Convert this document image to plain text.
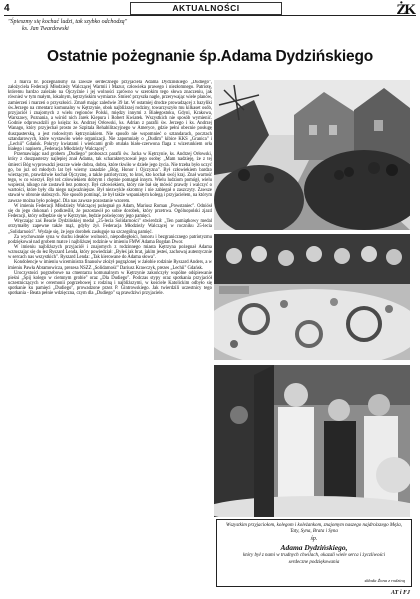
4	AKTUALNOŚCI	ŻK
"Śpieszmy się kochać ludzi, tak szybko odchodzą"
ks. Jan Twardowski
Ostatnie pożegnanie śp.Adama Dydzińskiego

3 marca br. pożegnaliśmy na zawsze serdecznego przyjaciela Adama Dydzińskiego „Dudiego", założyciela Federacji Młodzieży Walczącej Warmii i Mazur, człowieka prawego i niezłomnego. Patriotę, któremu bardzo zależało na Ojczyźnie i jej wolności zarówno w szerokim tego słowa znaczeniu, jak również w tym małym, lokalnym, kętrzyńskim wymiarze. Śmierć przyszła nagle, przerywając wiele planów, zamierzeń i marzeń o przyszłości. Zmarł mając zaledwie 39 lat. W ostatniej drodze prowadzącej z bazyliki św.Jerzego na cmentarz komunalny w Kętrzynie, obok najbliższej rodziny, towarzyszyło mu kilkaset osób, przyjaciół i znajomych z wielu regionów Polski, między innymi z Białegostoku, Gdyni, Krakowa, Warszawy, Poznania, a wśród nich Jarek Kiepura i Robert Kwiatek. Wszystkich nie sposób wymienić. Godnie odprowadzili go księża: ks. Andrzej Orłowski, ks. Adrian z parafii św. Jerzego i ks. Andrzej Wanago, który przyjechał prosto ze Szpitala Rehabilitacyjnego w Ameryce, gdzie pełni obecnie posługę duszpasterską, a jest rodowitym kętrzyniakiem. Nie sposób nie wspomnieć o sztandarach, pocztach sztandarowych, które wystawiło wiele organizacji. Nie zapomniały o „Dudim" kibice KKS „Granica" i „Lechii" Gdańsk. Pokryty kwiatami i wieńcami grób otulała biało-czerwona flaga z wizerunkiem orła białego i napisem „Federacja Młodzieży Walczącej".

Przemawiając nad grobem „Dudiego" proboszcz parafii św. Jacka w Kętrzynie, ks. Andrzej Orłowski, który z duszpasterzy najlepiej znał Adama, tak scharakteryzował jego osobę: „Mam nadzieję, że z tej śmierci Bóg wyprowadzi jeszcze wiele dobra, dobra, które tkwiło w dziele jego życia. Nie trzeba było uczyć go, bo już od młodych lat był wierny zasadzie „Bóg, Honor i Ojczyzna". Był człowiekiem bardzo wierzącym, prawdziwie kochał Ojczyznę, a także patriotyczny, to ktoś, kto kochał swój kraj. Znał wartość tego, w co wierzył. Był też człowiekiem dobrym i chętnie pomagał innym. Wielu ludziom pomógł, wielu wspierał, nikogo nie zostawił bez pomocy. Był człowiekiem, który nie bał się mówić prawdy i walczyć o wartości, które były dla niego najważniejsze. Był niezwykle skromny i nie zabiegał o zaszczyty. Zawsze stawał w obronie słabszych. Nie sposób pominąć, że był także wspaniałym kolegą i przyjacielem, na którym zawsze można było polegać. Dla nas zawsze pozostanie wzorem.

W imieniu Federacji Młodzieży Walczącej pożegnał go Adam, Mariusz Roman „Powstaniec". Odniósł się do jego dokonań i podkreślił, że pozostawił po sobie dorobek, który przetrwa. Ogólnopolski zjazd Federacji, który odbędzie się w Kętrzynie, będzie poświęcony jego pamięci.

Wręczając zaś Beacie Dydzińskiej medal „25-lecia Solidarności" stwierdził: „Ten pamiątkowy medal otrzymałby zapewne także mąż, gdyby żył. Federacja Młodzieży Walczącej w roczniku 25-lecia „Solidarności". Wydaje się, że jego dorobek zasługuje na szczególną pamięć.

Za wychowanie syna w duchu ideałów wolności, niepodległości, honoru i bezgranicznego patriotyzmu podziękował nad grobem matce i najbliższej rodzinie w imieniu FMW Adama Bogdan Dwor.

W imieniu najbliższych przyjaciół i znajomych z rodzinnego miasta Kętrzyna pożegnał Adama wzruszając się do łez Ryszard Lenda, który powiedział: „Byłeś jak brat, jakim jesteś, zachowaj autentycznie w sercach nas wszystkich". Ryszard Lenda: „Tak kierowane do Adama słowa".

Kondolencje w imieniu wiceministra finansów złożył pogrążonej w żałobie rodzinie Ryszard Anders, a w imieniu Pawła Abramowicza, prezesa NSZZ „Solidarność" Dariusz Krawczyk, prezes „Lechii" Gdańsk.

Uroczystości pogrzebowe na cmentarzu komunalnym w Kętrzynie zakończyły wspólne odśpiewanie pieśni „Śpij kolego w ciemnym grobie" oraz „Dla Dudiego". Podczas stypy oraz spotkania przyjaciół uczestniczących w ceremonii pogrzebowej z rodziną i najbliższymi, w kościele Katolickim odbyło się spotkanie ku pamięci „Dudiego", prowadzone przez P. Gintrowskiego. Jak twierdzili uczestnicy tego spotkania - Beata pełnie wdzięczna, czym dla „Dudiego" są prawdziwi przyjaciele.

Wszystkim przyjaciołom, kolegom i koleżankom, znajomym naszego najdroższego Męża, Taty, Syna, Brata i Syna
śp.
Adama Dydzińskiego,
który był z nami w trudnych chwilach, okazali wiele serca i życzliwości
serdeczne podziękowania
składa Żona z rodziną
AT i FJ
